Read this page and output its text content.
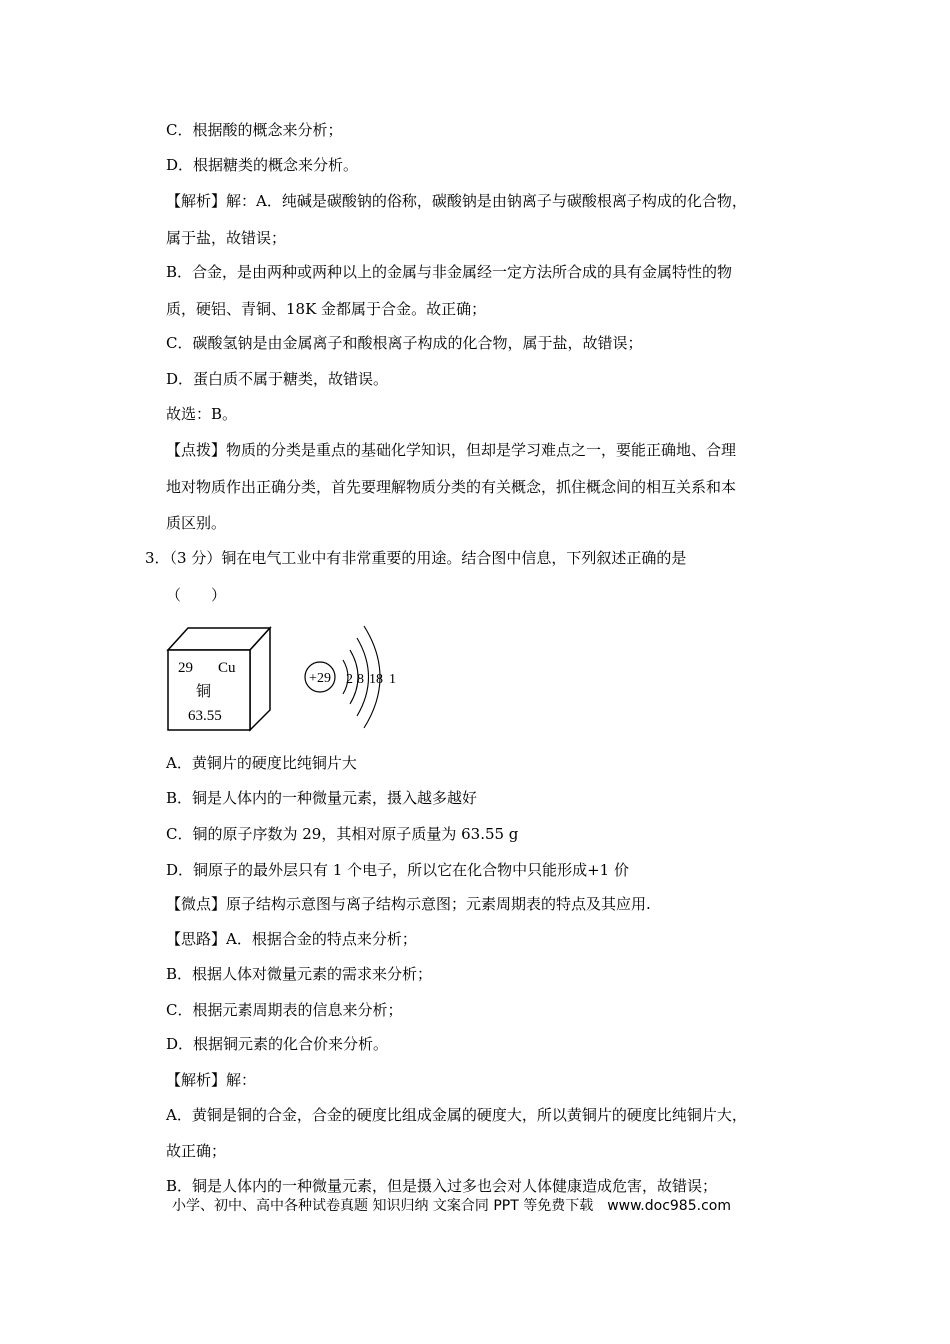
C．根据酸的概念来分析；
D．根据糖类的概念来分析。
【解析】解：A．纯碱是碳酸钠的俗称，碳酸钠是由钠离子与碳酸根离子构成的化合物，
属于盐，故错误；
B．合金，是由两种或两种以上的金属与非金属经一定方法所合成的具有金属特性的物
质，硬铝、青铜、18K 金都属于合金。故正确；
C．碳酸氢钠是由金属离子和酸根离子构成的化合物，属于盐，故错误；
D．蛋白质不属于糖类，故错误。
故选：B。
【点拨】物质的分类是重点的基础化学知识，但却是学习难点之一，要能正确地、合理
地对物质作出正确分类，首先要理解物质分类的有关概念，抓住概念间的相互关系和本
质区别。
3．（3 分）铜在电气工业中有非常重要的用途。结合图中信息，下列叙述正确的是
（　　）
29 Cu
铜
63.55
+29 2 8 18 1
A．黄铜片的硬度比纯铜片大
B．铜是人体内的一种微量元素，摄入越多越好
C．铜的原子序数为 29，其相对原子质量为 63.55 g
D．铜原子的最外层只有 1 个电子，所以它在化合物中只能形成+1 价
【微点】原子结构示意图与离子结构示意图；元素周期表的特点及其应用.
【思路】A．根据合金的特点来分析；
B．根据人体对微量元素的需求来分析；
C．根据元素周期表的信息来分析；
D．根据铜元素的化合价来分析。
【解析】解：
A．黄铜是铜的合金，合金的硬度比组成金属的硬度大，所以黄铜片的硬度比纯铜片大，
故正确；
B．铜是人体内的一种微量元素，但是摄入过多也会对人体健康造成危害，故错误；
小学、初中、高中各种试卷真题 知识归纳 文案合同 PPT 等免费下载　www.doc985.com
